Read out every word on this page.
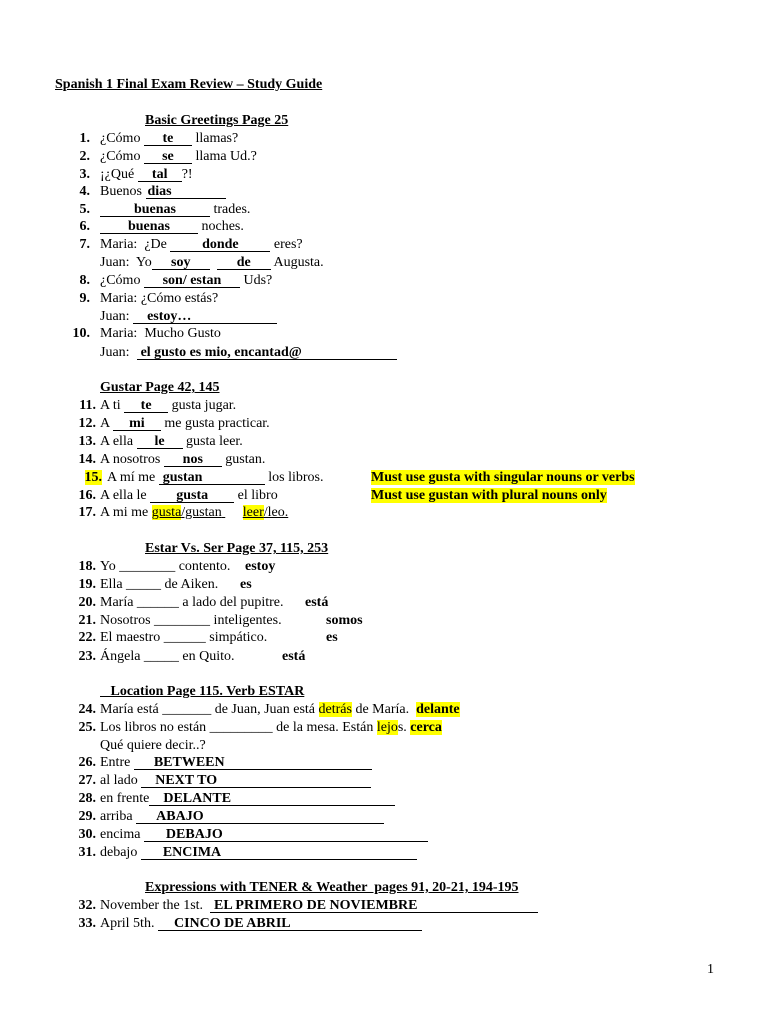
Spanish 1 Final Exam Review – Study Guide
Basic Greetings Page 25
1. ¿Cómo te llamas?
2. ¿Cómo se llama Ud.?
3. ¡¿Qué tal ?!
4. Buenos dias
5.	buenas trades.
6.	buenas noches.
7. Maria:  ¿De donde eres?
Juan:  Yo soy	de Augusta.
8. ¿Cómo son/ estan Uds?
9. Maria: ¿Cómo estás?
Juan: estoy…
10. Maria:  Mucho Gusto
Juan:  el gusto es mio, encantad@
Gustar Page 42, 145
11. A ti te gusta jugar.
12. A mi me gusta practicar.
13. A ella le gusta leer.
14. A nosotros nos gustan.
15. A mí me gustan	los libros.
16. A ella le gusta el libro
17. A mi me gusta/gustan leer/leo.
Must use gusta with singular nouns or verbs
Must use gustan with plural nouns only
Estar Vs. Ser Page 37, 115, 253
18. Yo ________ contento. estoy
19. Ella _____ de Aiken. es
20. María ______ a lado del pupitre. está
21. Nosotros ________ inteligentes.	somos
22. El maestro ______ simpático.	es
23. Ángela _____ en Quito.	está
Location Page 115. Verb ESTAR
24. María está _______ de Juan, Juan está detrás de María. delante
25. Los libros no están _________ de la mesa. Están lejos. cerca
Qué quiere decir..?
26. Entre BETWEEN
27. al lado NEXT TO
28. en frente DELANTE
29. arriba ABAJO
30. encima DEBAJO
31. debajo ENCIMA
Expressions with TENER & Weather  pages 91, 20-21, 194-195
32. November the 1st.  EL PRIMERO DE NOVIEMBRE
33. April 5th. CINCO DE ABRIL
1
